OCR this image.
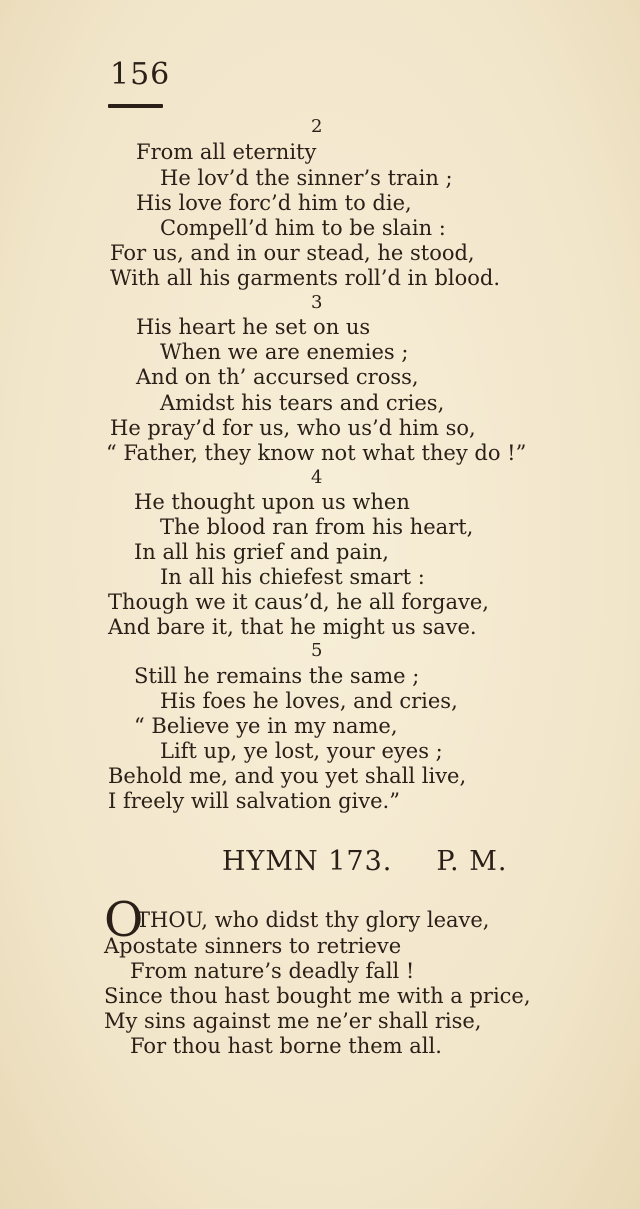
156
2
From all eternity
He lov’d the sinner’s train ;
His love forc’d him to die,
Compell’d him to be slain :
For us, and in our stead, he stood,
With all his garments roll’d in blood.
3
His heart he set on us
When we are enemies ;
And on th’ accursed cross,
Amidst his tears and cries,
He pray’d for us, who us’d him so,
“ Father, they know not what they do !”
4
He thought upon us when
The blood ran from his heart,
In all his grief and pain,
In all his chiefest smart :
Though we it caus’d, he all forgave,
And bare it, that he might us save.
5
Still he remains the same ;
His foes he loves, and cries,
“ Believe ye in my name,
Lift up, ye lost, your eyes ;
Behold me, and you yet shall live,
I freely will salvation give.”
HYMN 173. P. M.
O
THOU, who didst thy glory leave,
Apostate sinners to retrieve
From nature’s deadly fall !
Since thou hast bought me with a price,
My sins against me ne’er shall rise,
For thou hast borne them all.
